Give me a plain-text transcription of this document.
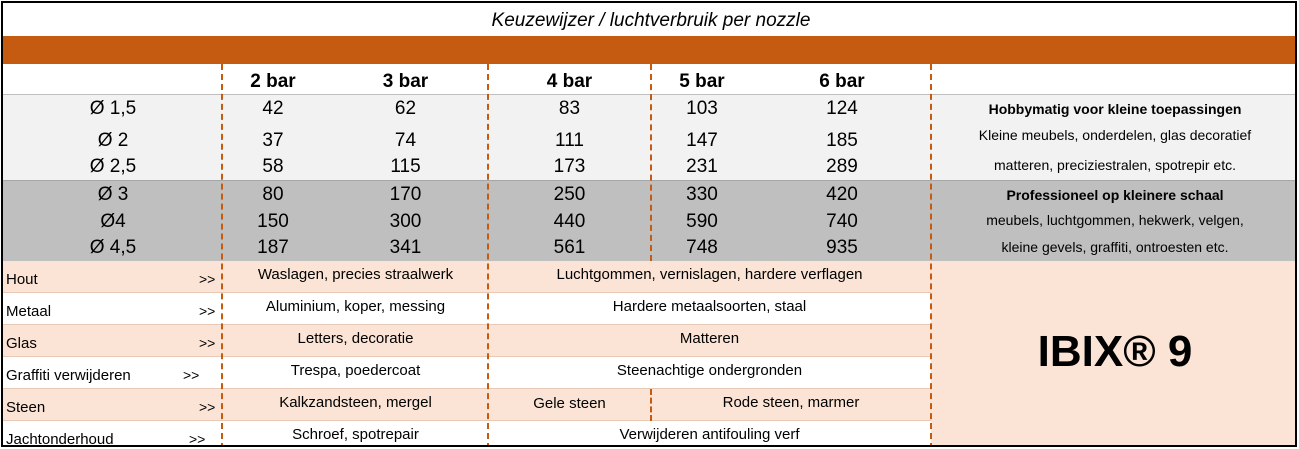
Keuzewijzer / luchtverbruik per nozzle
2 bar	3 bar	4 bar	5 bar	6 bar
Ø 1,5	42	62	83	103	124
Ø 2	37	74	111	147	185
Ø 2,5	58	115	173	231	289
Hobbymatig voor kleine toepassingen
Kleine meubels, onderdelen, glas decoratief
matteren, preciziestralen, spotrepir etc.
Ø 3	80	170	250	330	420
Ø4	150	300	440	590	740
Ø 4,5	187	341	561	748	935
Professioneel op kleinere schaal
meubels, luchtgommen, hekwerk, velgen,
kleine gevels, graffiti, ontroesten etc.
Hout	>>	Waslagen, precies straalwerk	Luchtgommen, vernislagen, hardere verflagen
Metaal	>>	Aluminium, koper, messing	Hardere metaalsoorten, staal
Glas	>>	Letters, decoratie	Matteren
Graffiti verwijderen	>>	Trespa, poedercoat	Steenachtige ondergronden
Steen	>>	Kalkzandsteen, mergel	Gele steen	Rode steen, marmer
Jachtonderhoud	>>	Schroef, spotrepair	Verwijderen antifouling verf
IBIX® 9
